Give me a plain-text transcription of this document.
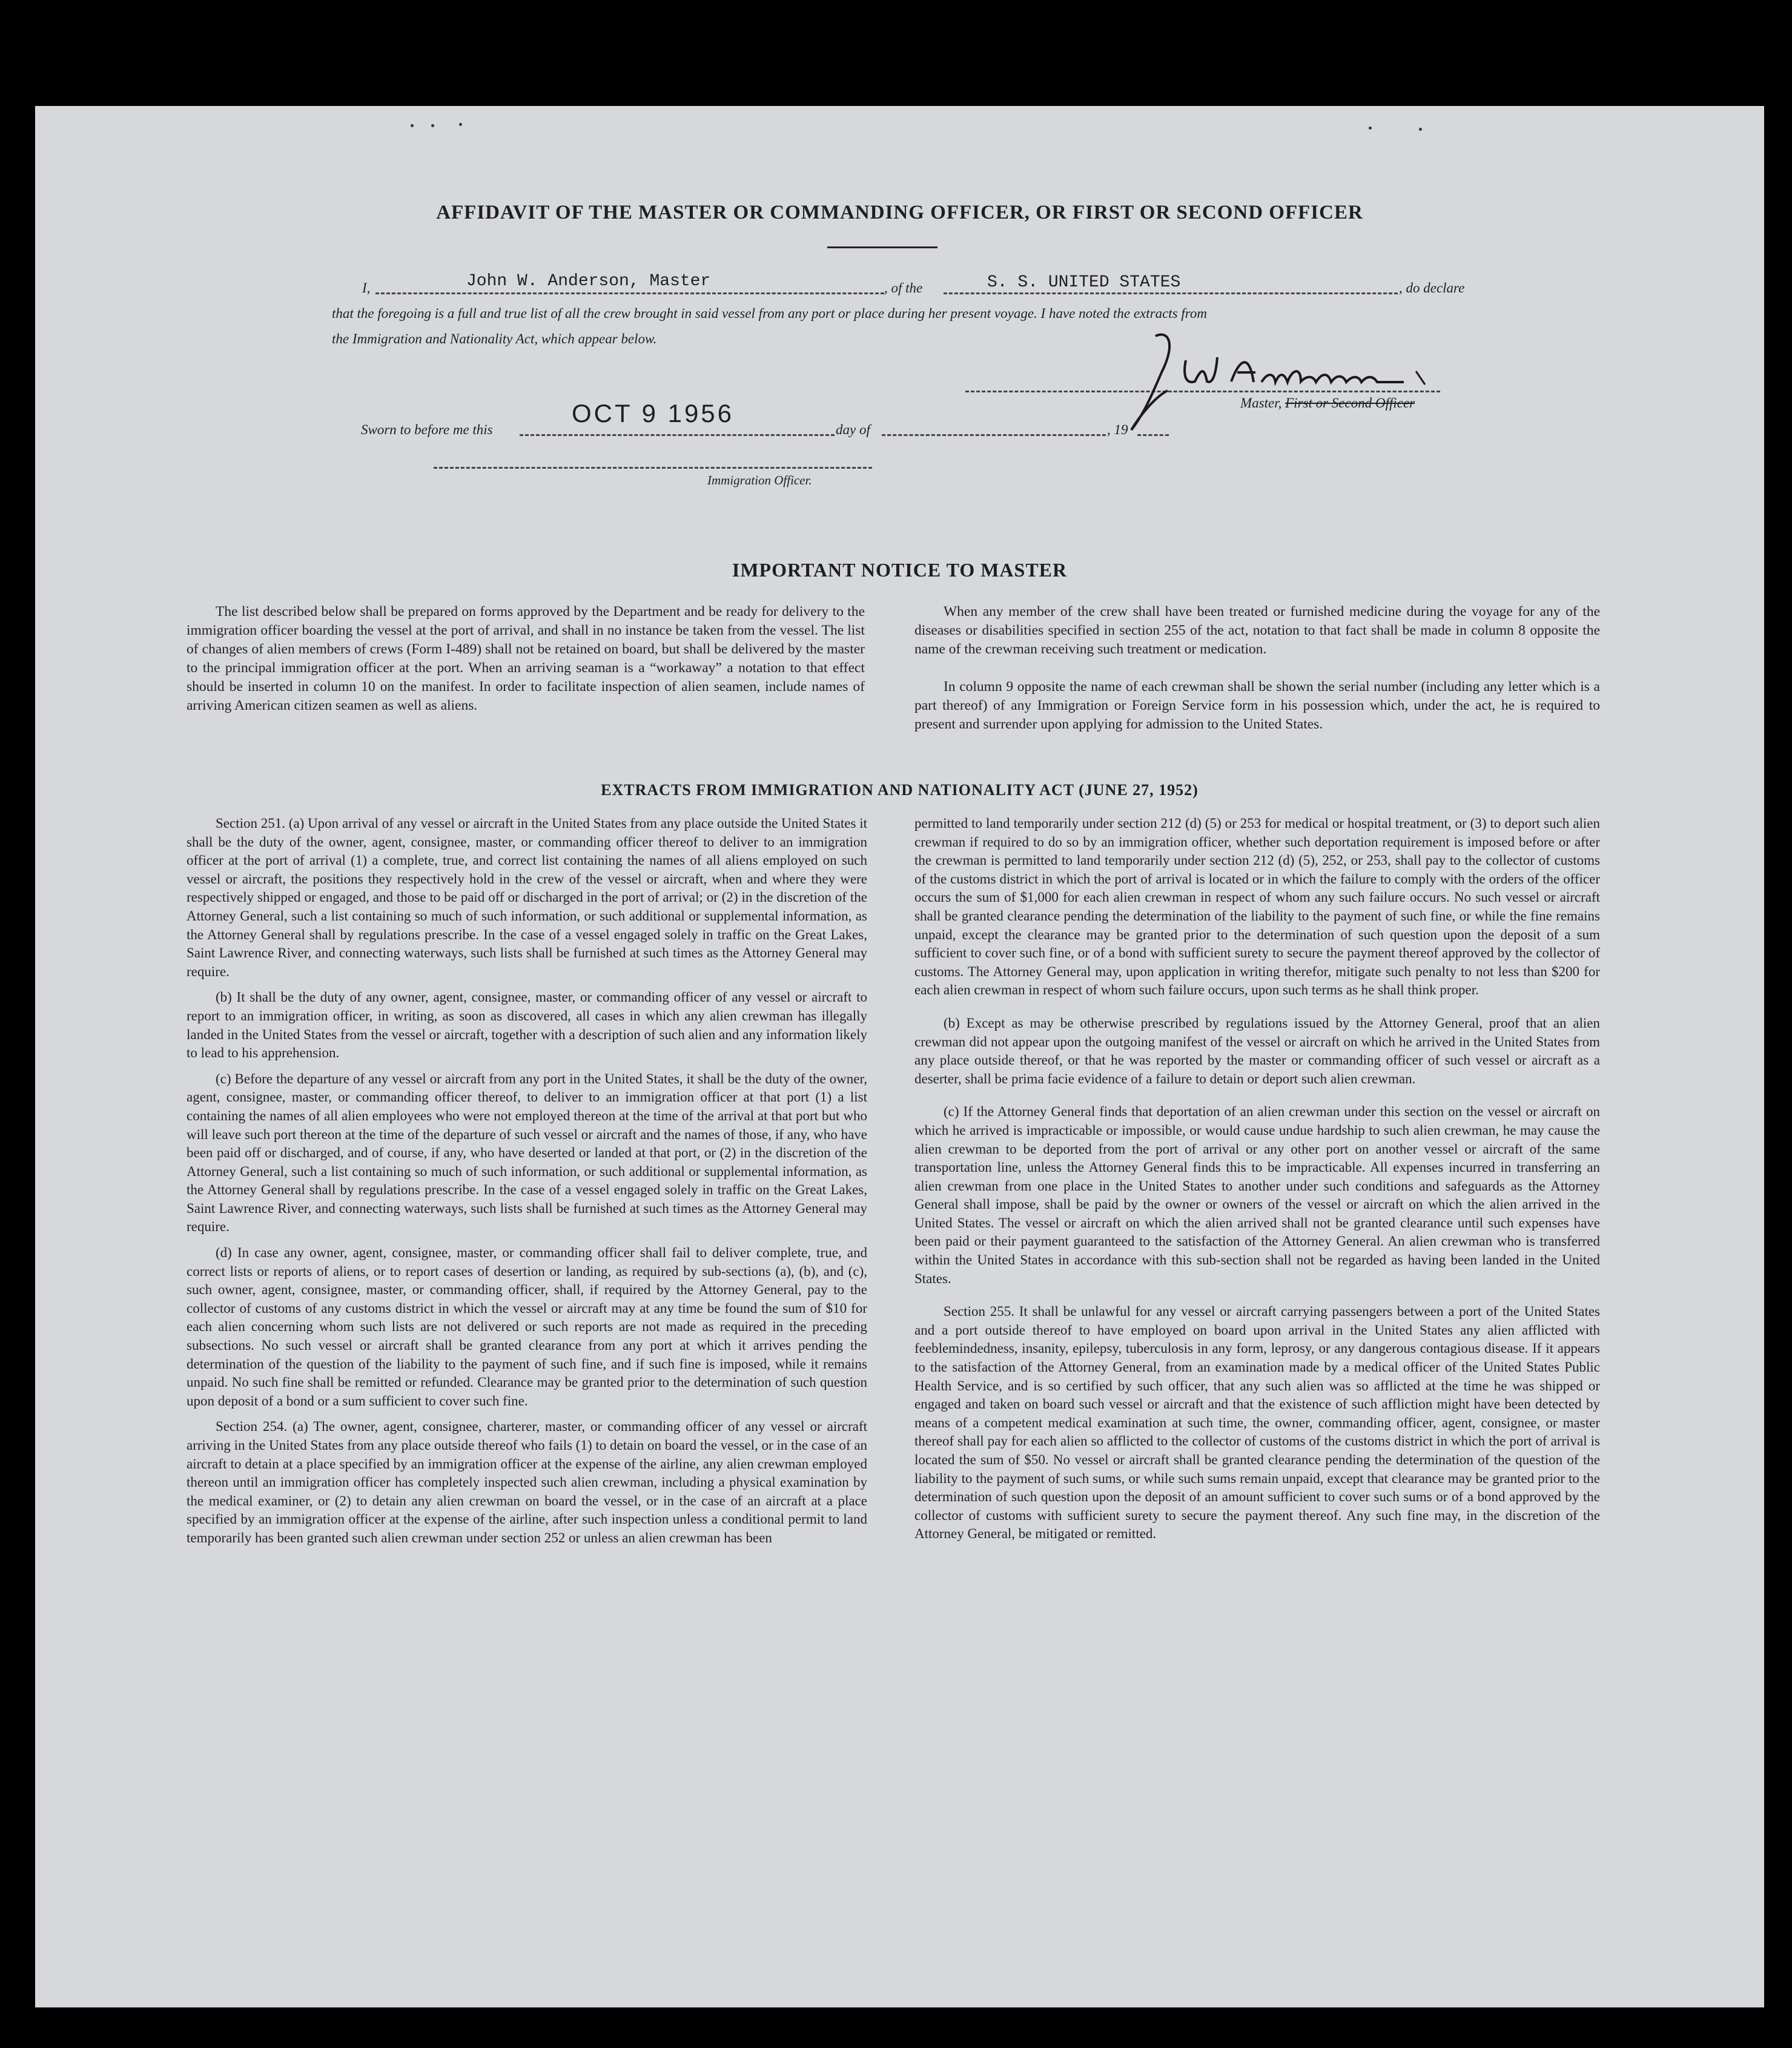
AFFIDAVIT OF THE MASTER OR COMMANDING OFFICER, OR FIRST OR SECOND OFFICER
I,	John W. Anderson, Master	, of the	S. S. UNITED STATES	, do declare
that the foregoing is a full and true list of all the crew brought in said vessel from any port or place during her present voyage. I have noted the extracts from
the Immigration and Nationality Act, which appear below.
Master, First or Second Officer
Sworn to before me this
OCT 9 1956
day of	, 19
Immigration Officer.
IMPORTANT NOTICE TO MASTER
The list described below shall be prepared on forms approved by the Department and be ready for delivery to the immigration officer boarding the vessel at the port of arrival, and shall in no instance be taken from the vessel. The list of changes of alien members of crews (Form I-489) shall not be retained on board, but shall be delivered by the master to the principal immigration officer at the port. When an arriving seaman is a “workaway” a notation to that effect should be inserted in column 10 on the manifest. In order to facilitate inspection of alien seamen, include names of arriving American citizen seamen as well as aliens.
When any member of the crew shall have been treated or furnished medicine during the voyage for any of the diseases or disabilities specified in section 255 of the act, notation to that fact shall be made in column 8 opposite the name of the crewman receiving such treatment or medication.
In column 9 opposite the name of each crewman shall be shown the serial number (including any letter which is a part thereof) of any Immigration or Foreign Service form in his possession which, under the act, he is required to present and surrender upon applying for admission to the United States.
EXTRACTS FROM IMMIGRATION AND NATIONALITY ACT (JUNE 27, 1952)

Section 251. (a) Upon arrival of any vessel or aircraft in the United States from any place outside the United States it shall be the duty of the owner, agent, consignee, master, or commanding officer thereof to deliver to an immigration officer at the port of arrival (1) a complete, true, and correct list containing the names of all aliens employed on such vessel or aircraft, the positions they respectively hold in the crew of the vessel or aircraft, when and where they were respectively shipped or engaged, and those to be paid off or discharged in the port of arrival; or (2) in the discretion of the Attorney General, such a list containing so much of such information, or such additional or supplemental information, as the Attorney General shall by regulations prescribe. In the case of a vessel engaged solely in traffic on the Great Lakes, Saint Lawrence River, and connecting waterways, such lists shall be furnished at such times as the Attorney General may require.

(b) It shall be the duty of any owner, agent, consignee, master, or commanding officer of any vessel or aircraft to report to an immigration officer, in writing, as soon as discovered, all cases in which any alien crewman has illegally landed in the United States from the vessel or aircraft, together with a description of such alien and any information likely to lead to his apprehension.

(c) Before the departure of any vessel or aircraft from any port in the United States, it shall be the duty of the owner, agent, consignee, master, or commanding officer thereof, to deliver to an immigration officer at that port (1) a list containing the names of all alien employees who were not employed thereon at the time of the arrival at that port but who will leave such port thereon at the time of the departure of such vessel or aircraft and the names of those, if any, who have been paid off or discharged, and of course, if any, who have deserted or landed at that port, or (2) in the discretion of the Attorney General, such a list containing so much of such information, or such additional or supplemental information, as the Attorney General shall by regulations prescribe. In the case of a vessel engaged solely in traffic on the Great Lakes, Saint Lawrence River, and connecting waterways, such lists shall be furnished at such times as the Attorney General may require.

(d) In case any owner, agent, consignee, master, or commanding officer shall fail to deliver complete, true, and correct lists or reports of aliens, or to report cases of desertion or landing, as required by sub-sections (a), (b), and (c), such owner, agent, consignee, master, or commanding officer, shall, if required by the Attorney General, pay to the collector of customs of any customs district in which the vessel or aircraft may at any time be found the sum of $10 for each alien concerning whom such lists are not delivered or such reports are not made as required in the preceding subsections. No such vessel or aircraft shall be granted clearance from any port at which it arrives pending the determination of the question of the liability to the payment of such fine, and if such fine is imposed, while it remains unpaid. No such fine shall be remitted or refunded. Clearance may be granted prior to the determination of such question upon deposit of a bond or a sum sufficient to cover such fine.

Section 254. (a) The owner, agent, consignee, charterer, master, or commanding officer of any vessel or aircraft arriving in the United States from any place outside thereof who fails (1) to detain on board the vessel, or in the case of an aircraft to detain at a place specified by an immigration officer at the expense of the airline, any alien crewman employed thereon until an immigration officer has completely inspected such alien crewman, including a physical examination by the medical examiner, or (2) to detain any alien crewman on board the vessel, or in the case of an aircraft at a place specified by an immigration officer at the expense of the airline, after such inspection unless a conditional permit to land temporarily has been granted such alien crewman under section 252 or unless an alien crewman has been

permitted to land temporarily under section 212 (d) (5) or 253 for medical or hospital treatment, or (3) to deport such alien crewman if required to do so by an immigration officer, whether such deportation requirement is imposed before or after the crewman is permitted to land temporarily under section 212 (d) (5), 252, or 253, shall pay to the collector of customs of the customs district in which the port of arrival is located or in which the failure to comply with the orders of the officer occurs the sum of $1,000 for each alien crewman in respect of whom any such failure occurs. No such vessel or aircraft shall be granted clearance pending the determination of the liability to the payment of such fine, or while the fine remains unpaid, except the clearance may be granted prior to the determination of such question upon the deposit of a sum sufficient to cover such fine, or of a bond with sufficient surety to secure the payment thereof approved by the collector of customs. The Attorney General may, upon application in writing therefor, mitigate such penalty to not less than $200 for each alien crewman in respect of whom such failure occurs, upon such terms as he shall think proper.

(b) Except as may be otherwise prescribed by regulations issued by the Attorney General, proof that an alien crewman did not appear upon the outgoing manifest of the vessel or aircraft on which he arrived in the United States from any place outside thereof, or that he was reported by the master or commanding officer of such vessel or aircraft as a deserter, shall be prima facie evidence of a failure to detain or deport such alien crewman.

(c) If the Attorney General finds that deportation of an alien crewman under this section on the vessel or aircraft on which he arrived is impracticable or impossible, or would cause undue hardship to such alien crewman, he may cause the alien crewman to be deported from the port of arrival or any other port on another vessel or aircraft of the same transportation line, unless the Attorney General finds this to be impracticable. All expenses incurred in transferring an alien crewman from one place in the United States to another under such conditions and safeguards as the Attorney General shall impose, shall be paid by the owner or owners of the vessel or aircraft on which the alien arrived in the United States. The vessel or aircraft on which the alien arrived shall not be granted clearance until such expenses have been paid or their payment guaranteed to the satisfaction of the Attorney General. An alien crewman who is transferred within the United States in accordance with this sub-section shall not be regarded as having been landed in the United States.

Section 255. It shall be unlawful for any vessel or aircraft carrying passengers between a port of the United States and a port outside thereof to have employed on board upon arrival in the United States any alien afflicted with feeblemindedness, insanity, epilepsy, tuberculosis in any form, leprosy, or any dangerous contagious disease. If it appears to the satisfaction of the Attorney General, from an examination made by a medical officer of the United States Public Health Service, and is so certified by such officer, that any such alien was so afflicted at the time he was shipped or engaged and taken on board such vessel or aircraft and that the existence of such affliction might have been detected by means of a competent medical examination at such time, the owner, commanding officer, agent, consignee, or master thereof shall pay for each alien so afflicted to the collector of customs of the customs district in which the port of arrival is located the sum of $50. No vessel or aircraft shall be granted clearance pending the determination of the question of the liability to the payment of such sums, or while such sums remain unpaid, except that clearance may be granted prior to the determination of such question upon the deposit of an amount sufficient to cover such sums or of a bond approved by the collector of customs with sufficient surety to secure the payment thereof. Any such fine may, in the discretion of the Attorney General, be mitigated or remitted.
